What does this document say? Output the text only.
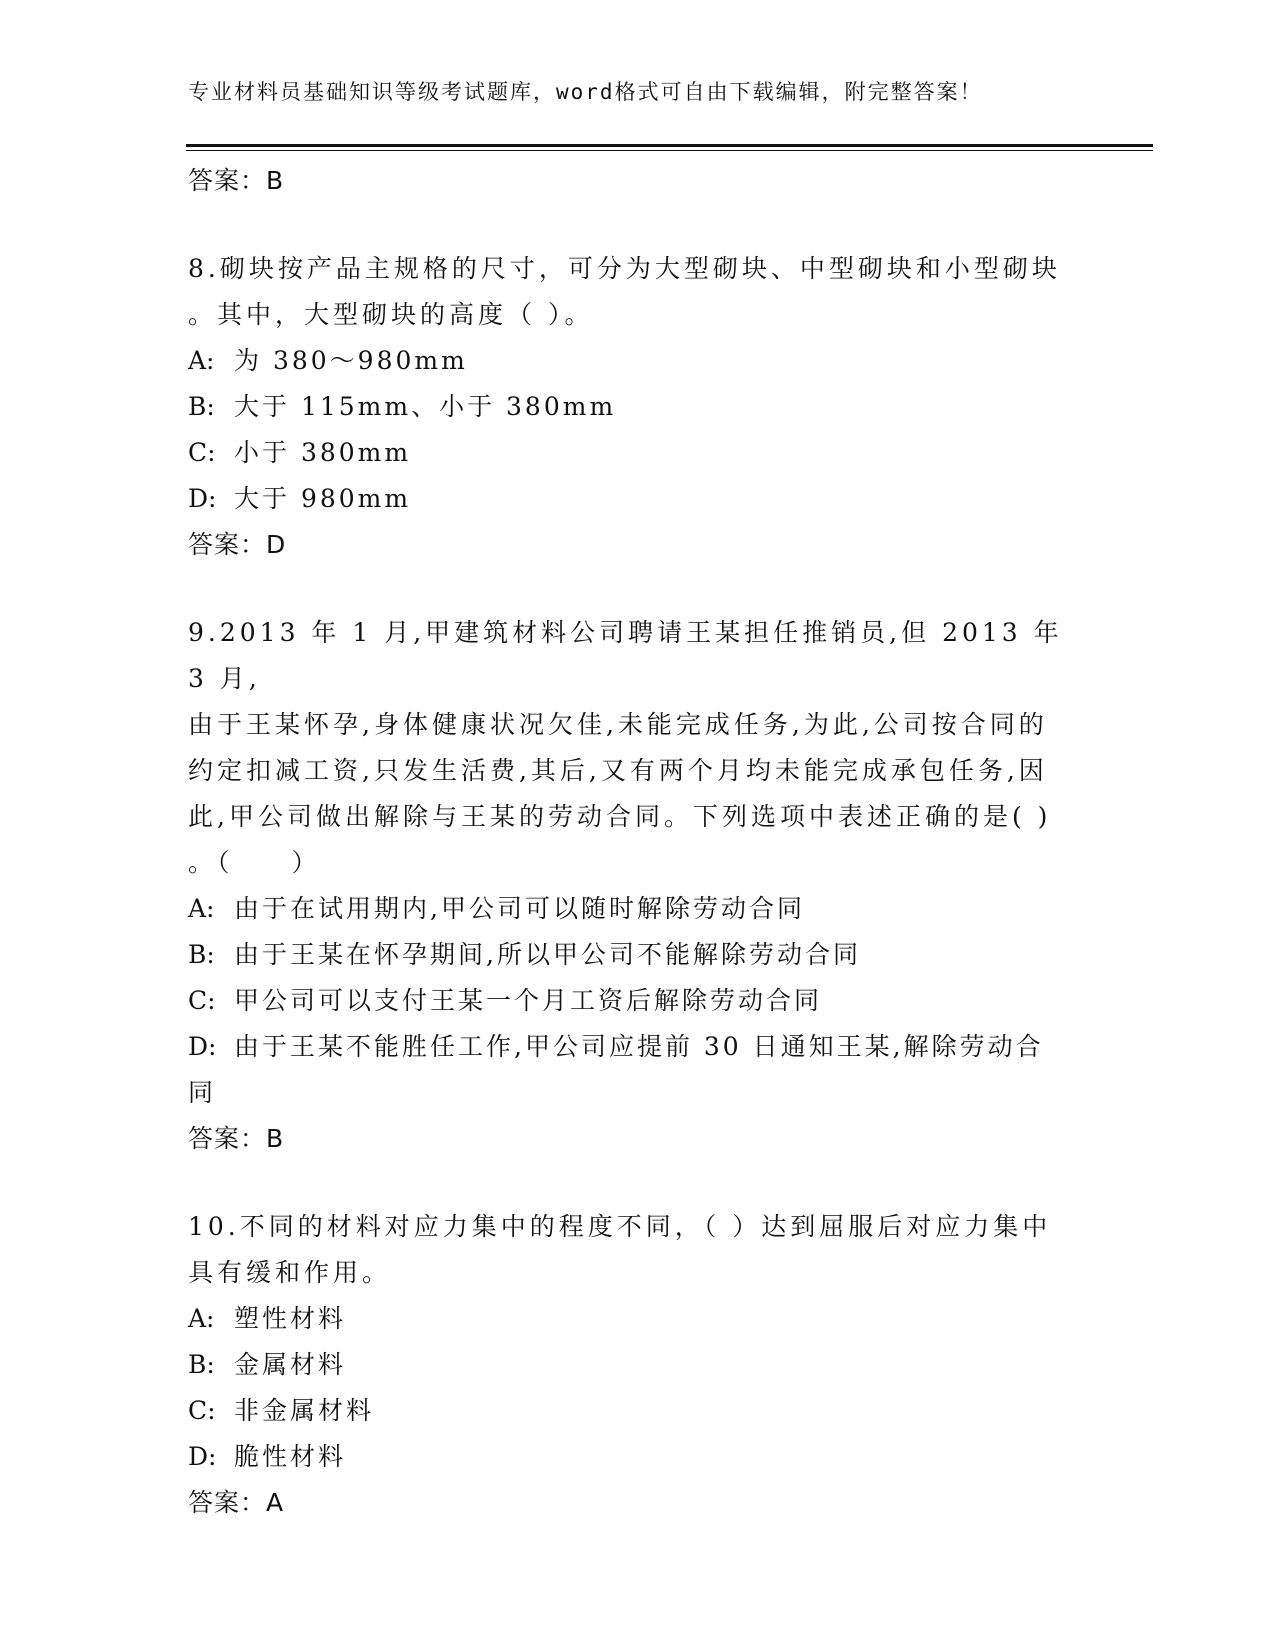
专业材料员基础知识等级考试题库，word格式可自由下载编辑，附完整答案！
答案：B
8.砌块按产品主规格的尺寸，可分为大型砌块、中型砌块和小型砌块
。其中，大型砌块的高度（ ）。
A: 为 380～980mm
B: 大于 115mm、小于 380mm
C: 小于 380mm
D: 大于 980mm
答案：D
9.2013 年 1 月,甲建筑材料公司聘请王某担任推销员,但 2013 年 3 月,
由于王某怀孕,身体健康状况欠佳,未能完成任务,为此,公司按合同的
约定扣减工资,只发生活费,其后,又有两个月均未能完成承包任务,因
此,甲公司做出解除与王某的劳动合同。下列选项中表述正确的是( )
。（　　）
A: 由于在试用期内,甲公司可以随时解除劳动合同
B: 由于王某在怀孕期间,所以甲公司不能解除劳动合同
C: 甲公司可以支付王某一个月工资后解除劳动合同
D: 由于王某不能胜任工作,甲公司应提前 30 日通知王某,解除劳动合
同
答案：B
10.不同的材料对应力集中的程度不同，（ ）达到屈服后对应力集中
具有缓和作用。
A: 塑性材料
B: 金属材料
C: 非金属材料
D: 脆性材料
答案：A
